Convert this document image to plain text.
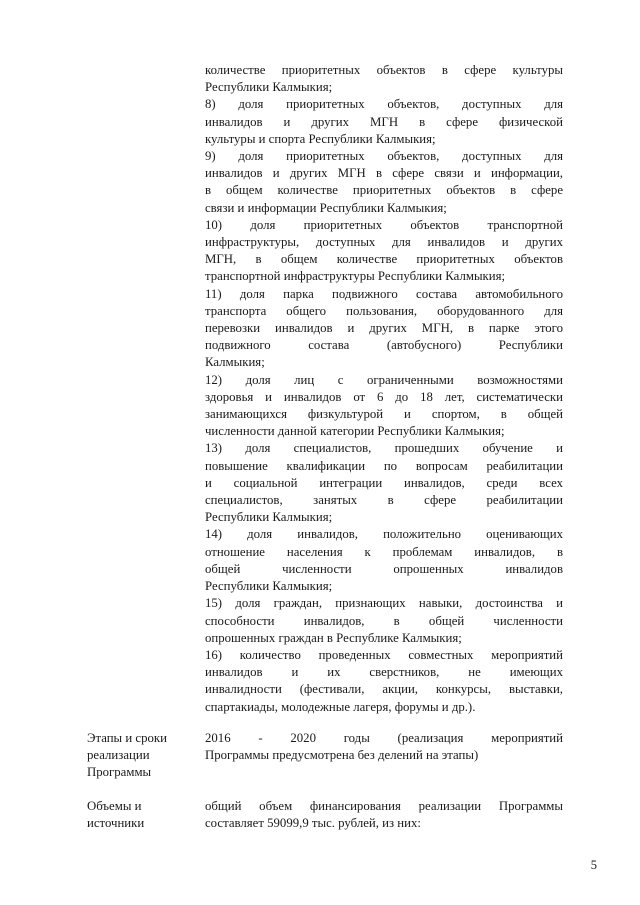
количестве приоритетных объектов в сфере культуры
Республики Калмыкия;
8) доля приоритетных объектов, доступных для
инвалидов и других МГН в сфере физической
культуры и спорта Республики Калмыкия;
9) доля приоритетных объектов, доступных для
инвалидов и других МГН в сфере связи и информации,
в общем количестве приоритетных объектов в сфере
связи и информации Республики Калмыкия;
10) доля приоритетных объектов транспортной
инфраструктуры, доступных для инвалидов и других
МГН, в общем количестве приоритетных объектов
транспортной инфраструктуры Республики Калмыкия;
11) доля парка подвижного состава автомобильного
транспорта общего пользования, оборудованного для
перевозки инвалидов и других МГН, в парке этого
подвижного состава (автобусного) Республики
Калмыкия;
12) доля лиц с ограниченными возможностями
здоровья и инвалидов от 6 до 18 лет, систематически
занимающихся физкультурой и спортом, в общей
численности данной категории Республики Калмыкия;
13) доля специалистов, прошедших обучение и
повышение квалификации по вопросам реабилитации
и социальной интеграции инвалидов, среди всех
специалистов, занятых в сфере реабилитации
Республики Калмыкия;
14) доля инвалидов, положительно оценивающих
отношение населения к проблемам инвалидов, в
общей численности опрошенных инвалидов
Республики Калмыкия;
15) доля граждан, признающих навыки, достоинства и
способности инвалидов, в общей численности
опрошенных граждан в Республике Калмыкия;
16) количество проведенных совместных мероприятий
инвалидов и их сверстников, не имеющих
инвалидности (фестивали, акции, конкурсы, выставки,
спартакиады, молодежные лагеря, форумы и др.).
Этапы и сроки
реализации
Программы
2016 - 2020 годы (реализация мероприятий
Программы предусмотрена без делений на этапы)
Объемы и
источники
общий объем финансирования реализации Программы
составляет 59099,9 тыс. рублей, из них:
5
